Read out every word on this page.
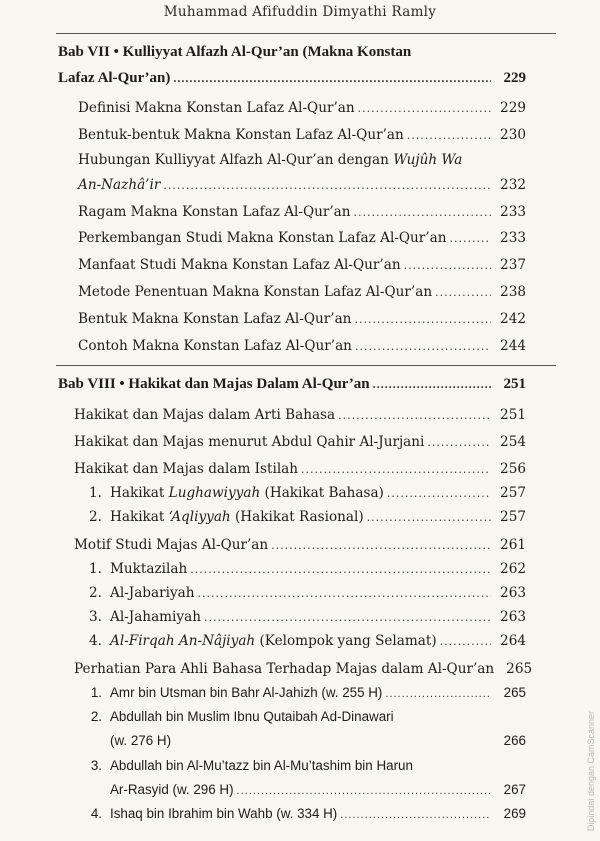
Muhammad Afifuddin Dimyathi Ramly
Bab VII • Kulliyyat Alfazh Al-Qur’an (Makna Konstan
Lafaz Al-Qur’an) .....	229
Definisi Makna Konstan Lafaz Al-Qur’an .....	229
Bentuk-bentuk Makna Konstan Lafaz Al-Qur’an .....	230
Hubungan Kulliyyat Alfazh Al-Qur’an dengan Wujûh Wa
An-Nazhâ’ir .....	232
Ragam Makna Konstan Lafaz Al-Qur’an .....	233
Perkembangan Studi Makna Konstan Lafaz Al-Qur’an .....	233
Manfaat Studi Makna Konstan Lafaz Al-Qur’an .....	237
Metode Penentuan Makna Konstan Lafaz Al-Qur’an .....	238
Bentuk Makna Konstan Lafaz Al-Qur’an .....	242
Contoh Makna Konstan Lafaz Al-Qur’an .....	244
Bab VIII • Hakikat dan Majas Dalam Al-Qur’an .....	251
Hakikat dan Majas dalam Arti Bahasa .....	251
Hakikat dan Majas menurut Abdul Qahir Al-Jurjani .....	254
Hakikat dan Majas dalam Istilah .....	256
1. Hakikat Lughawiyyah (Hakikat Bahasa) .....	257
2. Hakikat ‘Aqliyyah (Hakikat Rasional) .....	257
Motif Studi Majas Al-Qur’an .....	261
1. Muktazilah .....	262
2. Al-Jabariyah .....	263
3. Al-Jahamiyah .....	263
4. Al-Firqah An-Nâjiyah (Kelompok yang Selamat) .....	264
Perhatian Para Ahli Bahasa Terhadap Majas dalam Al-Qur’an 265
1. Amr bin Utsman bin Bahr Al-Jahizh (w. 255 H) .....	265
2. Abdullah bin Muslim Ibnu Qutaibah Ad-Dinawari
(w. 276 H)	266
3. Abdullah bin Al-Mu’tazz bin Al-Mu’tashim bin Harun
Ar-Rasyid (w. 296 H) .....	267
4. Ishaq bin Ibrahim bin Wahb (w. 334 H) .....	269	Dipindai dengan CamScanner
